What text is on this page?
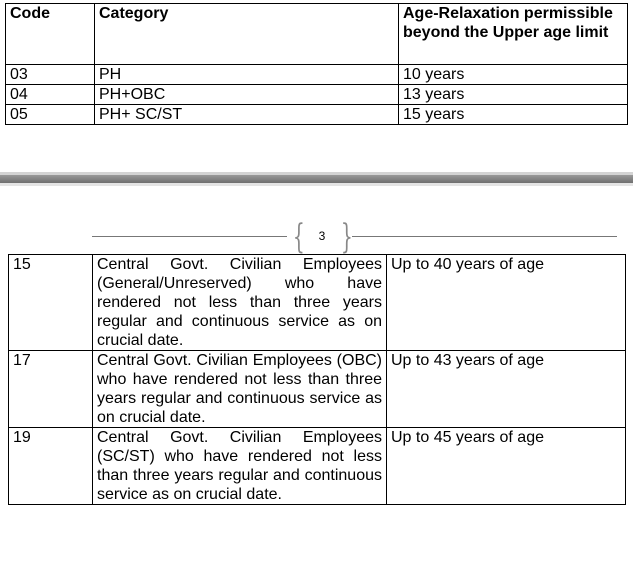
Code	Category	Age-Relaxation permissible beyond the Upper age limit
03	PH	10 years
04	PH+OBC	13 years
05	PH+ SC/ST	15 years
{ }
3
15	Central Govt. Civilian Employees (General/Unreserved) who have rendered not less than three years regular and continuous service as on crucial date.	Up to 40 years of age
17	Central Govt. Civilian Employees (OBC) who have rendered not less than three years regular and continuous service as on crucial date.	Up to 43 years of age
19	Central Govt. Civilian Employees (SC/ST) who have rendered not less than three years regular and continuous service as on crucial date.	Up to 45 years of age
